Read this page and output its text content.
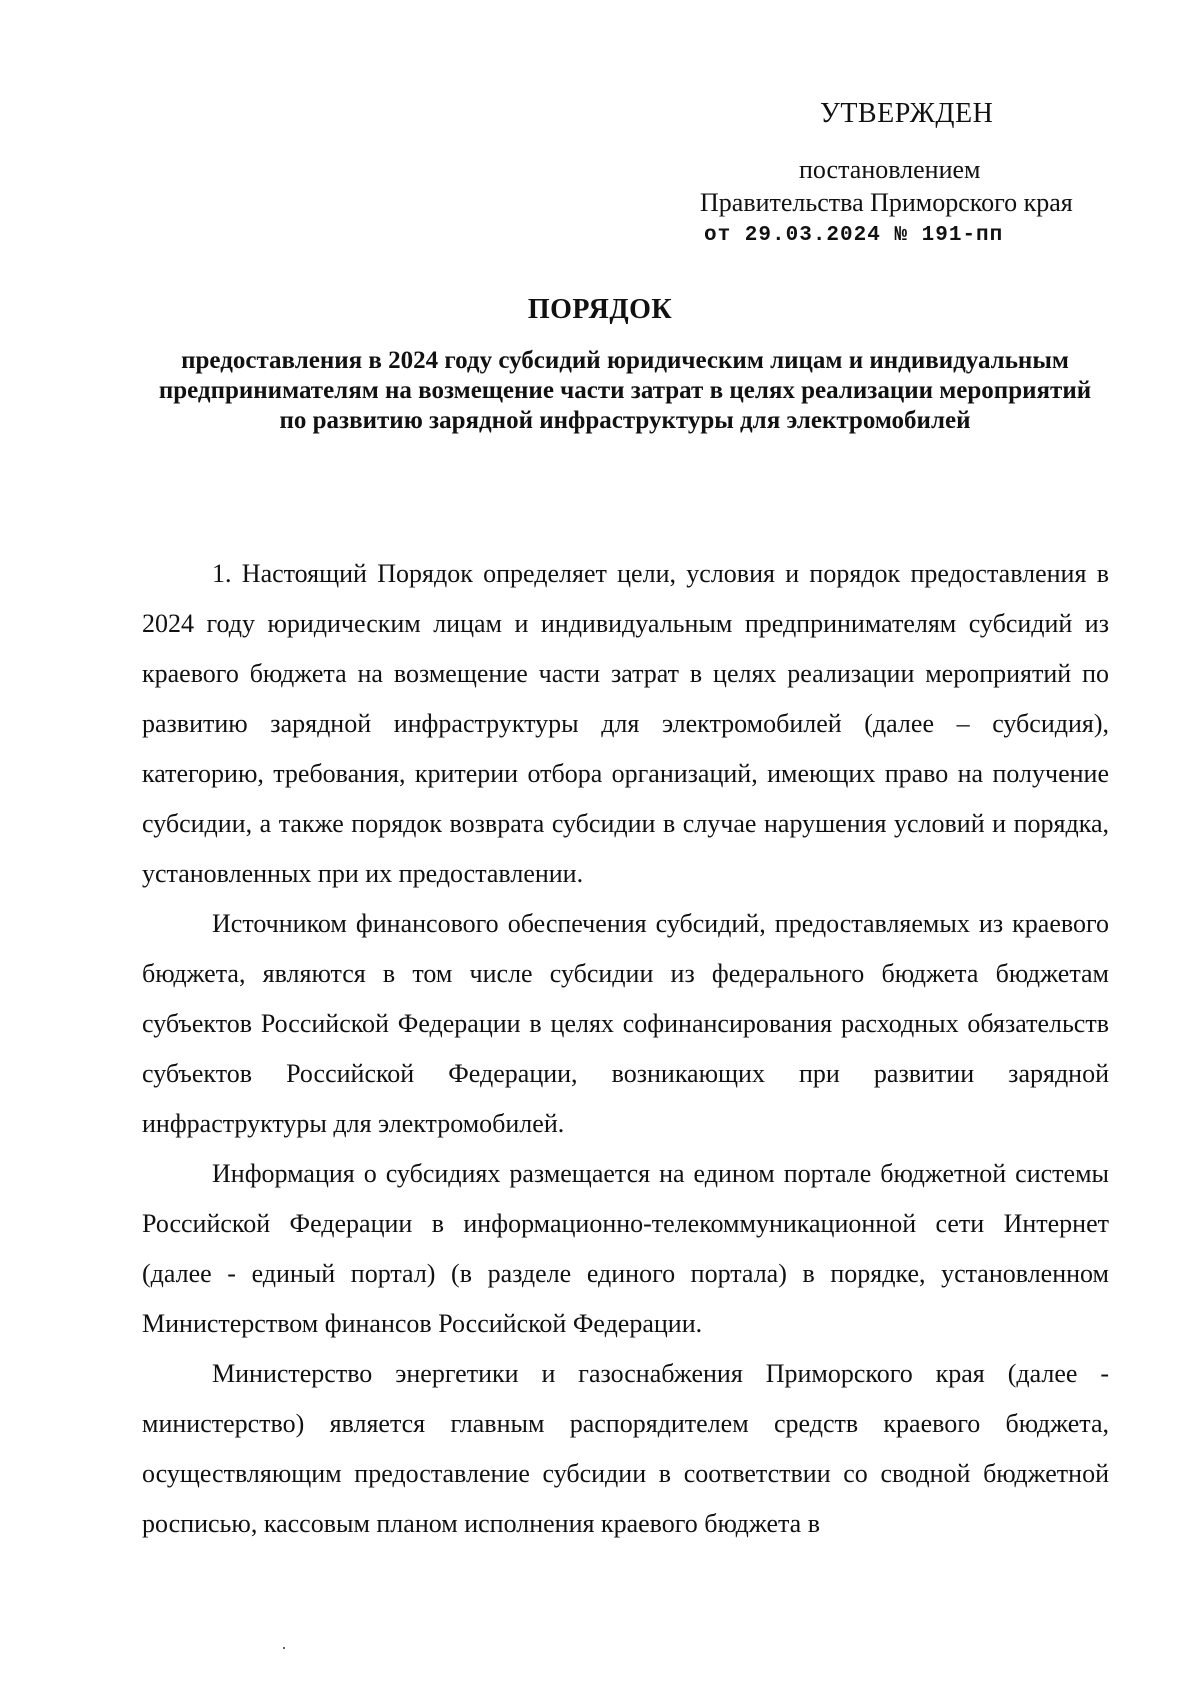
УТВЕРЖДЕН
постановлением
Правительства Приморского края
от 29.03.2024 № 191-пп
ПОРЯДОК
предоставления в 2024 году субсидий юридическим лицам и индивидуальным предпринимателям на возмещение части затрат в целях реализации мероприятий по развитию зарядной инфраструктуры для электромобилей

1. Настоящий Порядок определяет цели, условия и порядок предоставления в 2024 году юридическим лицам и индивидуальным предпринимателям субсидий из краевого бюджета на возмещение части затрат в целях реализации мероприятий по развитию зарядной инфраструктуры для электромобилей (далее – субсидия), категорию, требования, критерии отбора организаций, имеющих право на получение субсидии, а также порядок возврата субсидии в случае нарушения условий и порядка, установленных при их предоставлении.

Источником финансового обеспечения субсидий, предоставляемых из краевого бюджета, являются в том числе субсидии из федерального бюджета бюджетам субъектов Российской Федерации в целях софинансирования расходных обязательств субъектов Российской Федерации, возникающих при развитии зарядной инфраструктуры для электромобилей.

Информация о субсидиях размещается на едином портале бюджетной системы Российской Федерации в информационно-телекоммуникационной сети Интернет (далее - единый портал) (в разделе единого портала) в порядке, установленном Министерством финансов Российской Федерации.

Министерство энергетики и газоснабжения Приморского края (далее - министерство) является главным распорядителем средств краевого бюджета, осуществляющим предоставление субсидии в соответствии со сводной бюджетной росписью, кассовым планом исполнения краевого бюджета в
